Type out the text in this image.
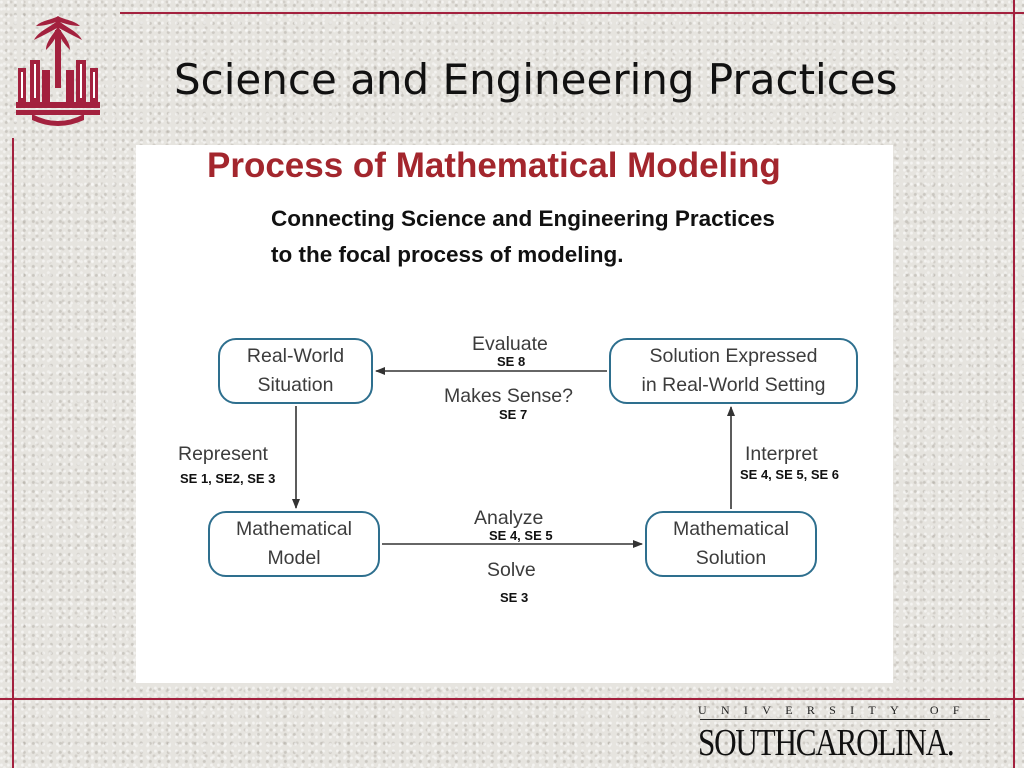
Science and Engineering Practices
Process of Mathematical Modeling
Connecting Science and Engineering Practices
to the focal process of modeling.
Real-World
Situation
Solution Expressed
in Real-World Setting
Mathematical
Model
Mathematical
Solution
Evaluate
SE 8
Makes Sense?
SE 7
Represent
SE 1, SE2, SE 3
Interpret
SE 4, SE 5, SE 6
Analyze
SE 4, SE 5
Solve
SE 3
UNIVERSITY OF
SOUTHCAROLINA.
